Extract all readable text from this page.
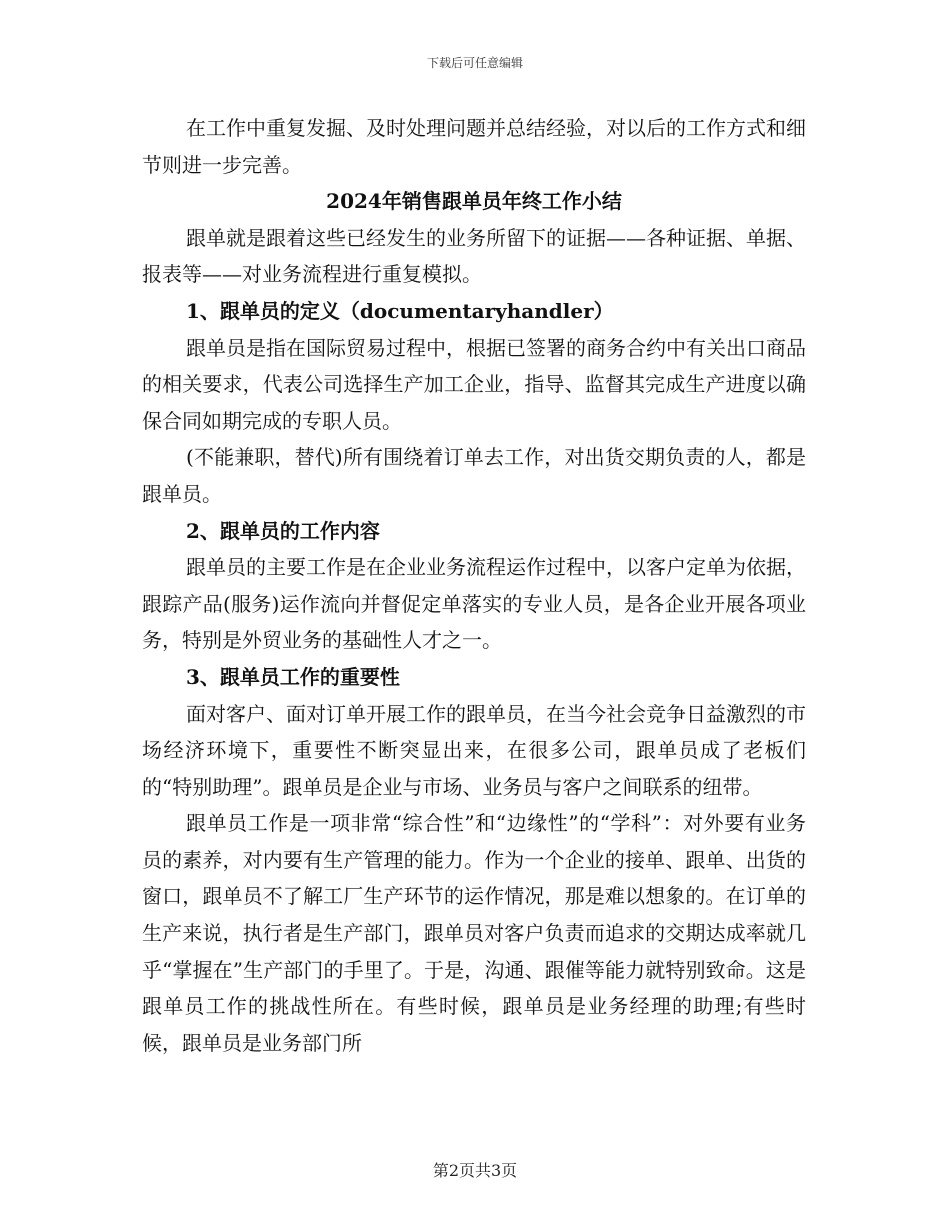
下载后可任意编辑

在工作中重复发掘、及时处理问题并总结经验，对以后的工作方式和细节则进一步完善。

2024年销售跟单员年终工作小结

跟单就是跟着这些已经发生的业务所留下的证据——各种证据、单据、报表等——对业务流程进行重复模拟。

1、跟单员的定义（documentaryhandler）

跟单员是指在国际贸易过程中，根据已签署的商务合约中有关出口商品的相关要求，代表公司选择生产加工企业，指导、监督其完成生产进度以确保合同如期完成的专职人员。

(不能兼职，替代)所有围绕着订单去工作，对出货交期负责的人，都是跟单员。

2、跟单员的工作内容

跟单员的主要工作是在企业业务流程运作过程中，以客户定单为依据，跟踪产品(服务)运作流向并督促定单落实的专业人员，是各企业开展各项业务，特别是外贸业务的基础性人才之一。

3、跟单员工作的重要性

面对客户、面对订单开展工作的跟单员，在当今社会竞争日益激烈的市场经济环境下，重要性不断突显出来，在很多公司，跟单员成了老板们的“特别助理”。跟单员是企业与市场、业务员与客户之间联系的纽带。

跟单员工作是一项非常“综合性”和“边缘性”的“学科”：对外要有业务员的素养，对内要有生产管理的能力。作为一个企业的接单、跟单、出货的窗口，跟单员不了解工厂生产环节的运作情况，那是难以想象的。在订单的生产来说，执行者是生产部门，跟单员对客户负责而追求的交期达成率就几乎“掌握在”生产部门的手里了。于是，沟通、跟催等能力就特别致命。这是跟单员工作的挑战性所在。有些时候，跟单员是业务经理的助理;有些时候，跟单员是业务部门所

第2页共3页
